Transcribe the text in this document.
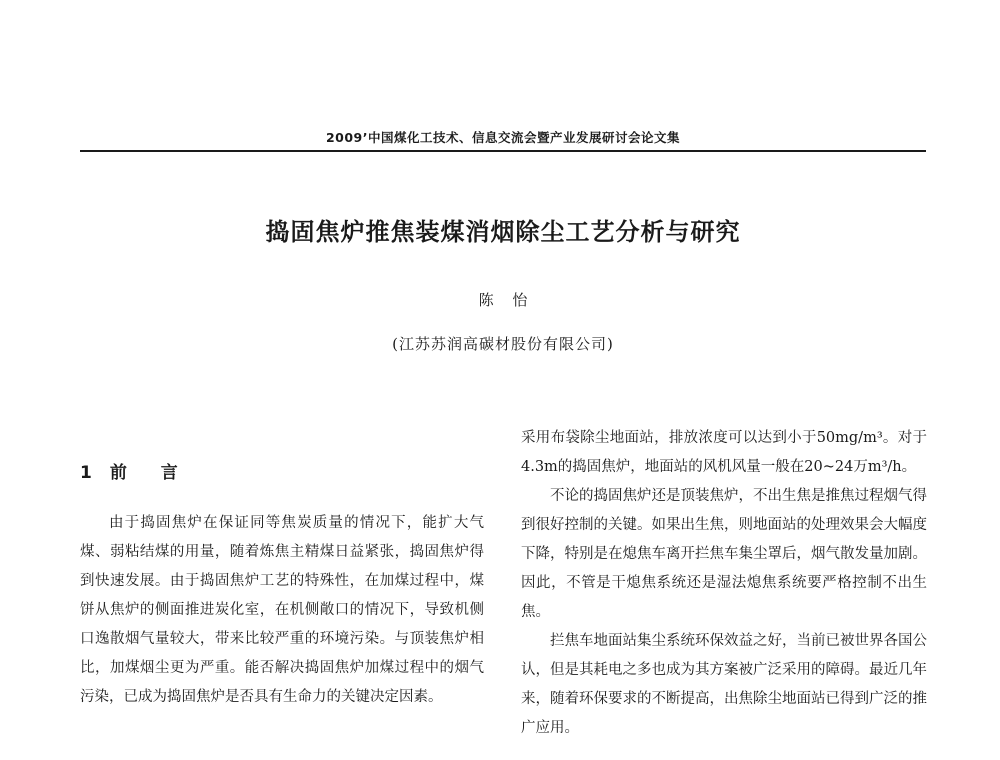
2009’中国煤化工技术、信息交流会暨产业发展研讨会论文集
捣固焦炉推焦装煤消烟除尘工艺分析与研究
陈 怡
(江苏苏润高碳材股份有限公司)
1 前 言

由于捣固焦炉在保证同等焦炭质量的情况下，能扩大气煤、弱粘结煤的用量，随着炼焦主精煤日益紧张，捣固焦炉得到快速发展。由于捣固焦炉工艺的特殊性，在加煤过程中，煤饼从焦炉的侧面推进炭化室，在机侧敞口的情况下，导致机侧口逸散烟气量较大，带来比较严重的环境污染。与顶装焦炉相比，加煤烟尘更为严重。能否解决捣固焦炉加煤过程中的烟气污染，已成为捣固焦炉是否具有生命力的关键决定因素。

采用布袋除尘地面站，排放浓度可以达到小于50mg/m³。对于4.3m的捣固焦炉，地面站的风机风量一般在20~24万m³/h。

不论的捣固焦炉还是顶装焦炉，不出生焦是推焦过程烟气得到很好控制的关键。如果出生焦，则地面站的处理效果会大幅度下降，特别是在熄焦车离开拦焦车集尘罩后，烟气散发量加剧。因此，不管是干熄焦系统还是湿法熄焦系统要严格控制不出生焦。

拦焦车地面站集尘系统环保效益之好，当前已被世界各国公认，但是其耗电之多也成为其方案被广泛采用的障碍。最近几年来，随着环保要求的不断提高，出焦除尘地面站已得到广泛的推广应用。
